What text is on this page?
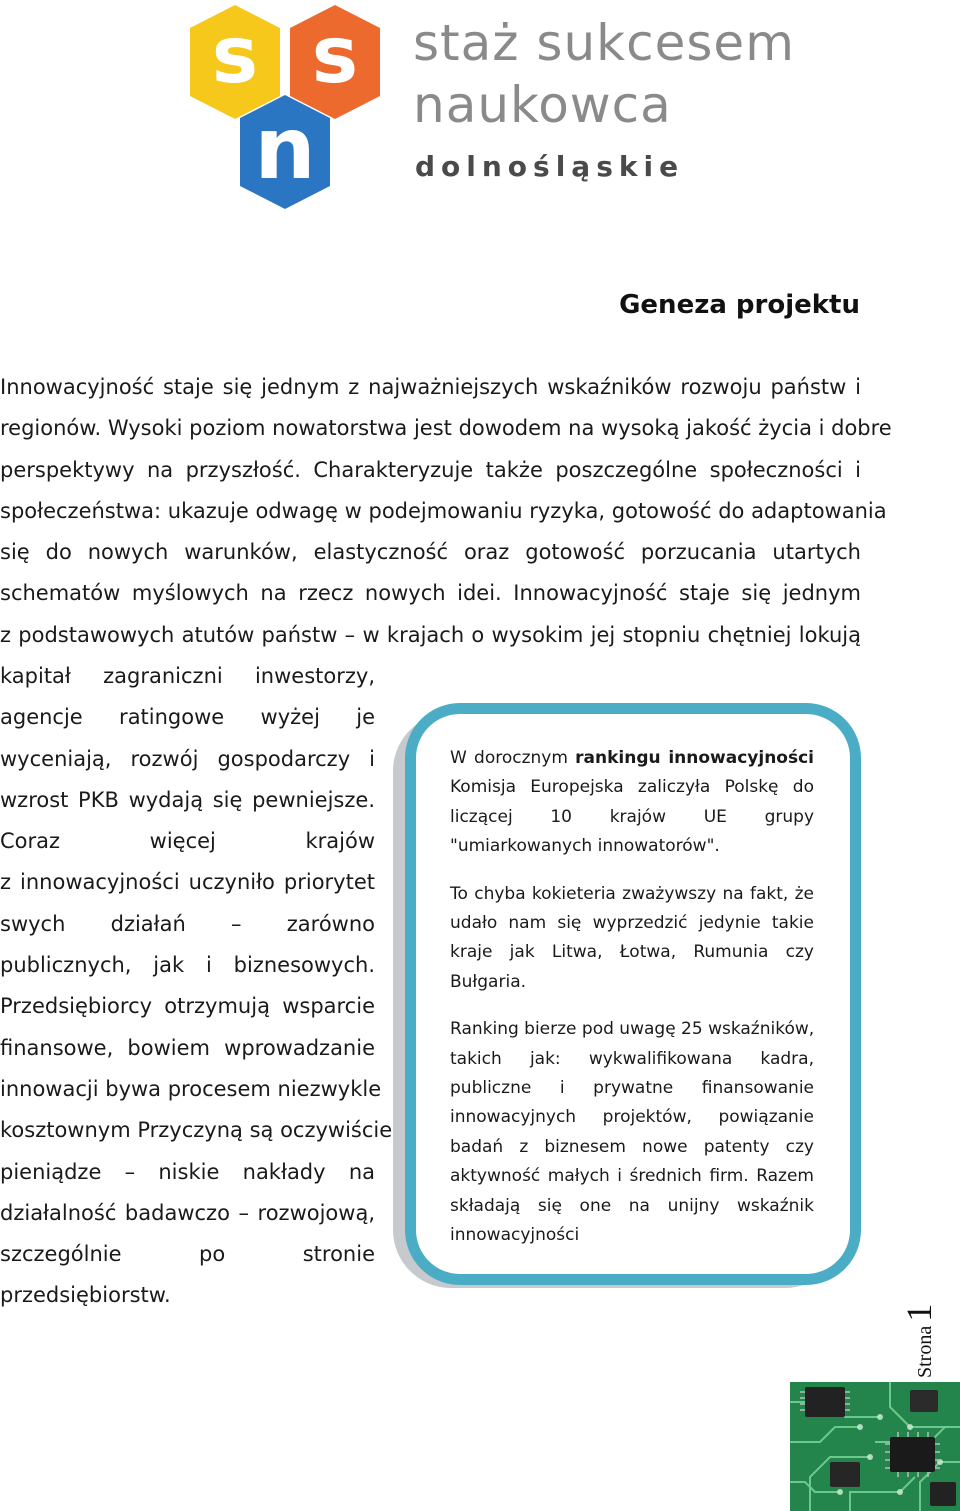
s s
n
staż sukcesem
naukowca
dolnośląskie
Geneza projektu
Innowacyjność staje się jednym z najważniejszych wskaźników rozwoju państw i
regionów. Wysoki poziom nowatorstwa jest dowodem na wysoką jakość życia i dobre
perspektywy na przyszłość. Charakteryzuje także poszczególne społeczności i
społeczeństwa: ukazuje odwagę w podejmowaniu ryzyka, gotowość do adaptowania
się do nowych warunków, elastyczność oraz gotowość porzucania utartych
schematów myślowych na rzecz nowych idei. Innowacyjność staje się jednym
z podstawowych atutów państw – w krajach o wysokim jej stopniu chętniej lokują
kapitał zagraniczni inwestorzy,
agencje ratingowe wyżej je
wyceniają, rozwój gospodarczy i
wzrost PKB wydają się pewniejsze.
Coraz więcej krajów
z innowacyjności uczyniło priorytet
swych działań – zarówno
publicznych, jak i biznesowych.
Przedsiębiorcy otrzymują wsparcie
finansowe, bowiem wprowadzanie
innowacji bywa procesem niezwykle
kosztownym Przyczyną są oczywiście
pieniądze – niskie nakłady na
działalność badawczo – rozwojową,
szczególnie po stronie
przedsiębiorstw.

W dorocznym rankingu innowacyjności
Komisja Europejska zaliczyła Polskę do
liczącej 10 krajów UE grupy
"umiarkowanych innowatorów".

To chyba kokieteria zważywszy na fakt, że
udało nam się wyprzedzić jedynie takie
kraje jak Litwa, Łotwa, Rumunia czy
Bułgaria.

Ranking bierze pod uwagę 25 wskaźników,
takich jak: wykwalifikowana kadra,
publiczne i prywatne finansowanie
innowacyjnych projektów, powiązanie
badań z biznesem nowe patenty czy
aktywność małych i średnich firm. Razem
składają się one na unijny wskaźnik
innowacyjności

Strona1
